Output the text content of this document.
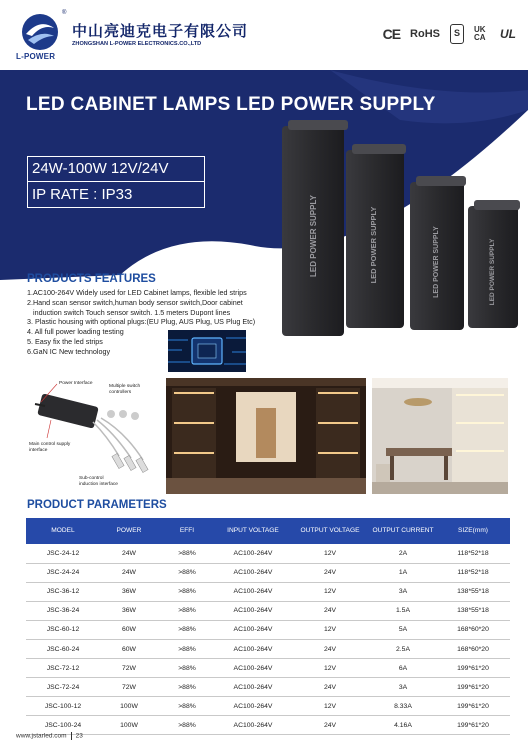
®
L-POWER
中山亮迪克电子有限公司
ZHONGSHAN L-POWER ELECTRONICS.CO.,LTD
CE RoHS	S	UK CA	UL
LED CABINET LAMPS LED POWER SUPPLY
24W-100W 12V/24V
IP RATE : IP33
LED POWER SUPPLY	LED POWER SUPPLY	LED POWER SUPPLY	LED POWER SUPPLY
PRODUCTS FEATURES
1.AC100-264V Widely used for LED Cabinet lamps, flexible led strips
2.Hand scan sensor switch,human body sensor switch,Door cabinet
induction switch Touch sensor switch. 1.5 meters Dupont lines
3. Plastic housing with optional plugs:(EU Plug, AUS Plug, US Plug Etc)
4. All full power loading testing
5. Easy fix the led strips
6.GaN IC New technology
Power Interface
Multiple switch controllers
Main control supply interface
Sub-control induction interface
PRODUCT PARAMETERS
MODEL	POWER	EFFI	INPUT VOLTAGE	OUTPUT VOLTAGE	OUTPUT CURRENT	SIZE(mm)
JSC-24-12	24W	>88%	AC100-264V	12V	2A	118*52*18
JSC-24-24	24W	>88%	AC100-264V	24V	1A	118*52*18
JSC-36-12	36W	>88%	AC100-264V	12V	3A	138*55*18
JSC-36-24	36W	>88%	AC100-264V	24V	1.5A	138*55*18
JSC-60-12	60W	>88%	AC100-264V	12V	5A	168*60*20
JSC-60-24	60W	>88%	AC100-264V	24V	2.5A	168*60*20
JSC-72-12	72W	>88%	AC100-264V	12V	6A	199*61*20
JSC-72-24	72W	>88%	AC100-264V	24V	3A	199*61*20
JSC-100-12	100W	>88%	AC100-264V	12V	8.33A	199*61*20
JSC-100-24	100W	>88%	AC100-264V	24V	4.16A	199*61*20
www.jstarled.com 23
